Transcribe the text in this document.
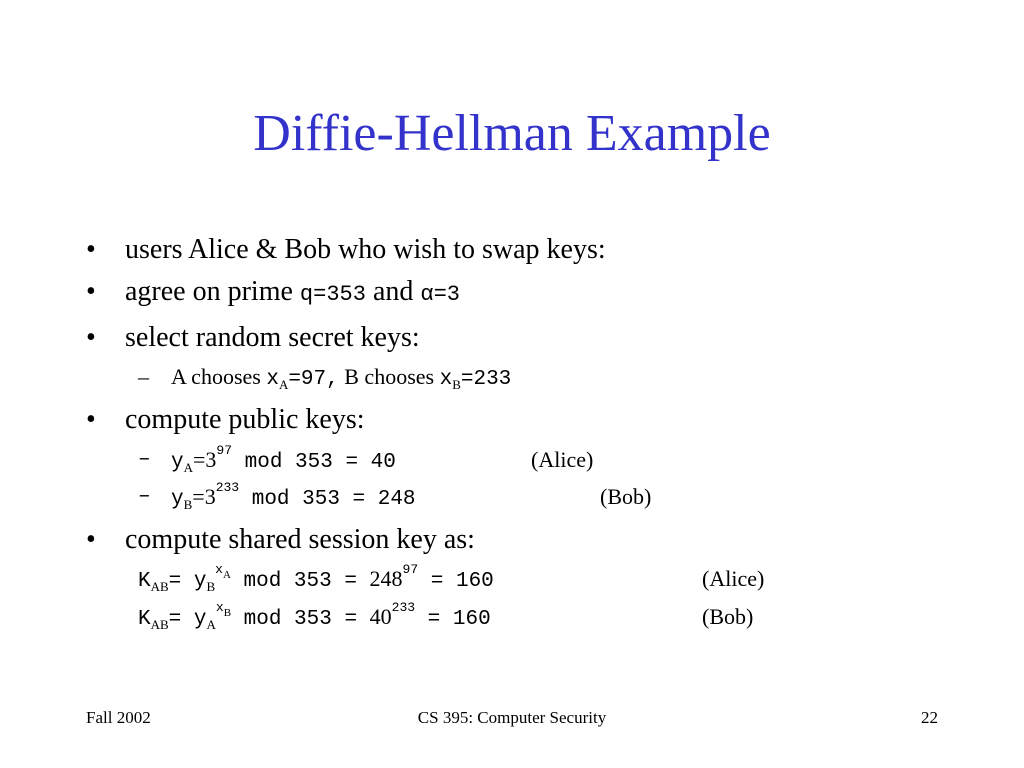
Diffie-Hellman Example
• users Alice & Bob who wish to swap keys:
• agree on prime q=353 and α=3
• select random secret keys:
– A chooses $x_A=97$, B chooses $x_B=233$
• compute public keys:
– $y_A=3^{97}$ mod 353 = 40	(Alice)
– $y_B=3^{233}$ mod 353 = 248	(Bob)
• compute shared session key as:
$K_{AB}= y_B^{xA}$ mod $353 = 248^{97} = 160$	(Alice)
$K_{AB}= y_A^{xB}$ mod $353 = 40^{233} = 160$	(Bob)
Fall 2002	CS 395: Computer Security	22
